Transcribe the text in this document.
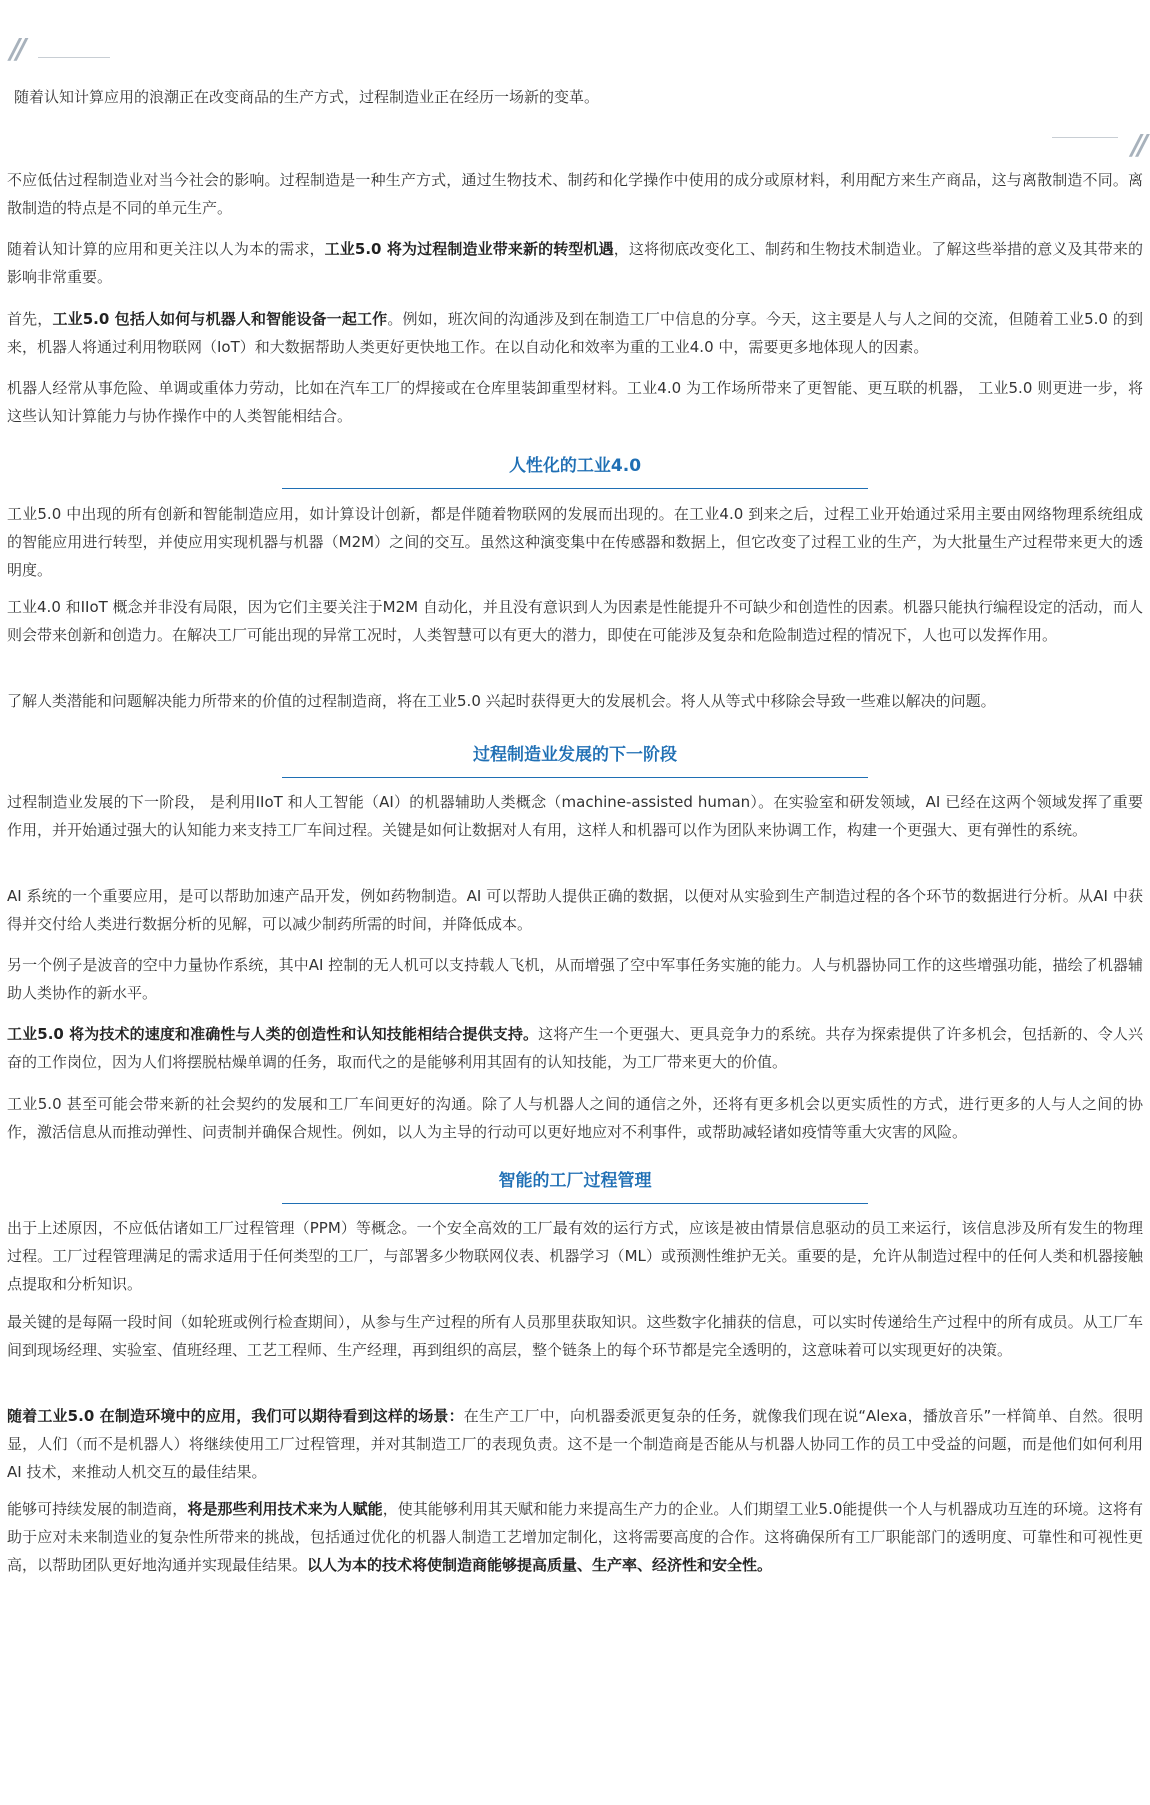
//
随着认知计算应用的浪潮正在改变商品的生产方式，过程制造业正在经历一场新的变革。
//

不应低估过程制造业对当今社会的影响。过程制造是一种生产方式，通过生物技术、制药和化学操作中使用的成分或原材料，利用配方来生产商品，这与离散制造不同。离散制造的特点是不同的单元生产。

随着认知计算的应用和更关注以人为本的需求，工业5.0 将为过程制造业带来新的转型机遇，这将彻底改变化工、制药和生物技术制造业。了解这些举措的意义及其带来的影响非常重要。

首先，工业5.0 包括人如何与机器人和智能设备一起工作。例如，班次间的沟通涉及到在制造工厂中信息的分享。今天，这主要是人与人之间的交流，但随着工业5.0 的到来，机器人将通过利用物联网（IoT）和大数据帮助人类更好更快地工作。在以自动化和效率为重的工业4.0 中，需要更多地体现人的因素。

机器人经常从事危险、单调或重体力劳动，比如在汽车工厂的焊接或在仓库里装卸重型材料。工业4.0 为工作场所带来了更智能、更互联的机器， 工业5.0 则更进一步，将这些认知计算能力与协作操作中的人类智能相结合。

人性化的工业4.0

工业5.0 中出现的所有创新和智能制造应用，如计算设计创新，都是伴随着物联网的发展而出现的。在工业4.0 到来之后，过程工业开始通过采用主要由网络物理系统组成的智能应用进行转型，并使应用实现机器与机器（M2M）之间的交互。虽然这种演变集中在传感器和数据上，但它改变了过程工业的生产，为大批量生产过程带来更大的透明度。

工业4.0 和IIoT 概念并非没有局限，因为它们主要关注于M2M 自动化，并且没有意识到人为因素是性能提升不可缺少和创造性的因素。机器只能执行编程设定的活动，而人则会带来创新和创造力。在解决工厂可能出现的异常工况时，人类智慧可以有更大的潜力，即使在可能涉及复杂和危险制造过程的情况下，人也可以发挥作用。

了解人类潜能和问题解决能力所带来的价值的过程制造商，将在工业5.0 兴起时获得更大的发展机会。将人从等式中移除会导致一些难以解决的问题。

过程制造业发展的下一阶段

过程制造业发展的下一阶段， 是利用IIoT 和人工智能（AI）的机器辅助人类概念（machine-assisted human）。在实验室和研发领域，AI 已经在这两个领域发挥了重要作用，并开始通过强大的认知能力来支持工厂车间过程。关键是如何让数据对人有用，这样人和机器可以作为团队来协调工作，构建一个更强大、更有弹性的系统。

AI 系统的一个重要应用，是可以帮助加速产品开发，例如药物制造。AI 可以帮助人提供正确的数据，以便对从实验到生产制造过程的各个环节的数据进行分析。从AI 中获得并交付给人类进行数据分析的见解，可以减少制药所需的时间，并降低成本。

另一个例子是波音的空中力量协作系统，其中AI 控制的无人机可以支持载人飞机，从而增强了空中军事任务实施的能力。人与机器协同工作的这些增强功能，描绘了机器辅助人类协作的新水平。

工业5.0 将为技术的速度和准确性与人类的创造性和认知技能相结合提供支持。这将产生一个更强大、更具竞争力的系统。共存为探索提供了许多机会，包括新的、令人兴奋的工作岗位，因为人们将摆脱枯燥单调的任务，取而代之的是能够利用其固有的认知技能，为工厂带来更大的价值。

工业5.0 甚至可能会带来新的社会契约的发展和工厂车间更好的沟通。除了人与机器人之间的通信之外，还将有更多机会以更实质性的方式，进行更多的人与人之间的协作，激活信息从而推动弹性、问责制并确保合规性。例如，以人为主导的行动可以更好地应对不利事件，或帮助减轻诸如疫情等重大灾害的风险。

智能的工厂过程管理

出于上述原因，不应低估诸如工厂过程管理（PPM）等概念。一个安全高效的工厂最有效的运行方式，应该是被由情景信息驱动的员工来运行，该信息涉及所有发生的物理过程。工厂过程管理满足的需求适用于任何类型的工厂，与部署多少物联网仪表、机器学习（ML）或预测性维护无关。重要的是，允许从制造过程中的任何人类和机器接触点提取和分析知识。

最关键的是每隔一段时间（如轮班或例行检查期间），从参与生产过程的所有人员那里获取知识。这些数字化捕获的信息，可以实时传递给生产过程中的所有成员。从工厂车间到现场经理、实验室、值班经理、工艺工程师、生产经理，再到组织的高层，整个链条上的每个环节都是完全透明的，这意味着可以实现更好的决策。

随着工业5.0 在制造环境中的应用，我们可以期待看到这样的场景：在生产工厂中，向机器委派更复杂的任务，就像我们现在说“Alexa，播放音乐”一样简单、自然。很明显，人们（而不是机器人）将继续使用工厂过程管理，并对其制造工厂的表现负责。这不是一个制造商是否能从与机器人协同工作的员工中受益的问题，而是他们如何利用AI 技术，来推动人机交互的最佳结果。

能够可持续发展的制造商，将是那些利用技术来为人赋能，使其能够利用其天赋和能力来提高生产力的企业。人们期望工业5.0能提供一个人与机器成功互连的环境。这将有助于应对未来制造业的复杂性所带来的挑战，包括通过优化的机器人制造工艺增加定制化，这将需要高度的合作。这将确保所有工厂职能部门的透明度、可靠性和可视性更高，以帮助团队更好地沟通并实现最佳结果。以人为本的技术将使制造商能够提高质量、生产率、经济性和安全性。
